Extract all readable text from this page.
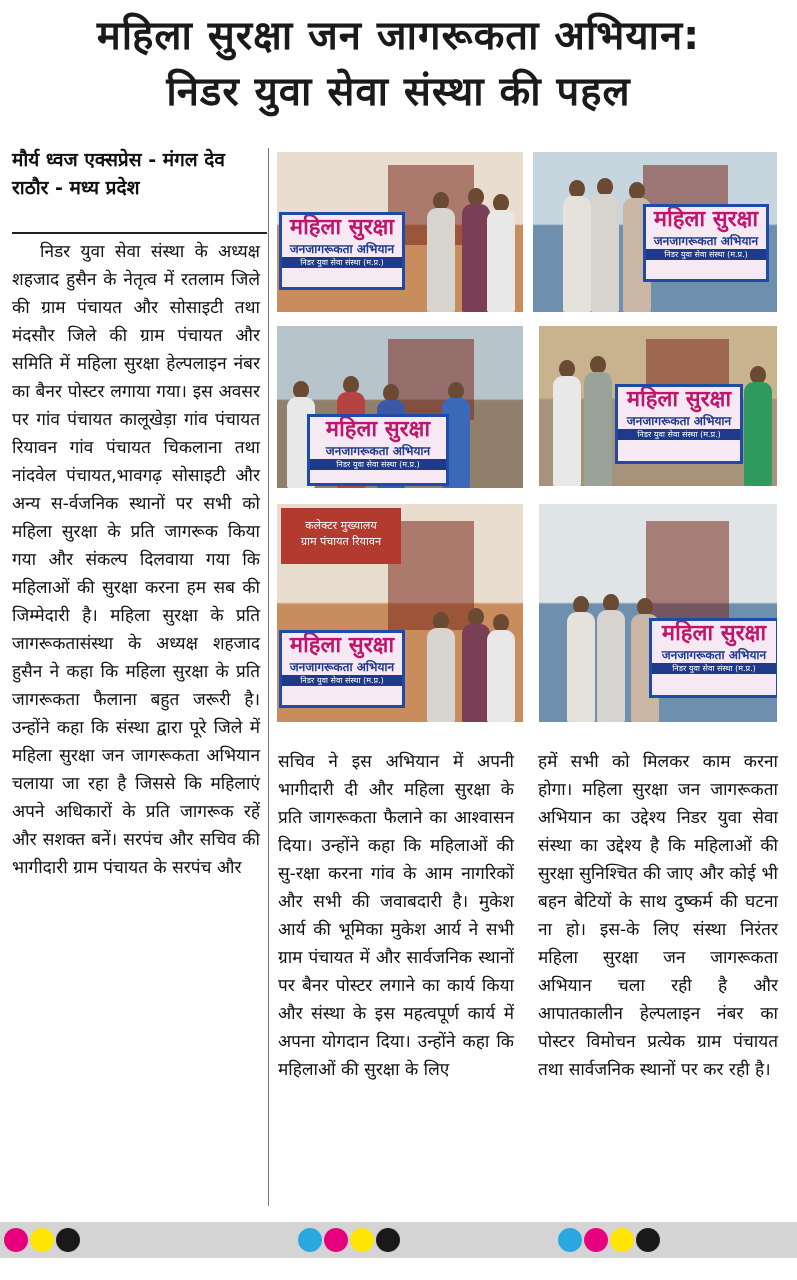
महिला सुरक्षा जन जागरूकता अभियान:
निडर युवा सेवा संस्था की पहल
मौर्य ध्वज एक्सप्रेस - मंगल देव राठौर - मध्य प्रदेश

निडर युवा सेवा संस्था के अध्यक्ष शहजाद हुसैन के नेतृत्व में रतलाम जिले की ग्राम पंचायत और सोसाइटी तथा मंदसौर जिले की ग्राम पंचायत और समिति में महिला सुरक्षा हेल्पलाइन नंबर का बैनर पोस्टर लगाया गया। इस अवसर पर गांव पंचायत कालूखेड़ा गांव पंचायत रियावन गांव पंचायत चिकलाना तथा नांदवेल पंचायत,भावगढ़ सोसाइटी और अन्य स-र्वजनिक स्थानों पर सभी को महिला सुरक्षा के प्रति जागरूक किया गया और संकल्प दिलवाया गया कि महिलाओं की सुरक्षा करना हम सब की जिम्मेदारी है। महिला सुरक्षा के प्रति जागरूकतासंस्था के अध्यक्ष शहजाद हुसैन ने कहा कि महिला सुरक्षा के प्रति जागरूकता फैलाना बहुत जरूरी है। उन्होंने कहा कि संस्था द्वारा पूरे जिले में महिला सुरक्षा जन जागरूकता अभियान चलाया जा रहा है जिससे कि महिलाएं अपने अधिकारों के प्रति जागरूक रहें और सशक्त बनें। सरपंच और सचिव की भागीदारी ग्राम पंचायत के सरपंच और

महिला सुरक्षा
जनजागरूकता अभियान
निडर युवा सेवा संस्था (म.प्र.)
महिला सुरक्षा
जनजागरूकता अभियान
निडर युवा सेवा संस्था (म.प्र.)
महिला सुरक्षा
जनजागरूकता अभियान
निडर युवा सेवा संस्था (म.प्र.)
महिला सुरक्षा
जनजागरूकता अभियान
निडर युवा सेवा संस्था (म.प्र.)
कलेक्टर मुख्यालय
ग्राम पंचायत रियावन
महिला सुरक्षा
जनजागरूकता अभियान
निडर युवा सेवा संस्था (म.प्र.)
महिला सुरक्षा
जनजागरूकता अभियान
निडर युवा सेवा संस्था (म.प्र.)

सचिव ने इस अभियान में अपनी भागीदारी दी और महिला सुरक्षा के प्रति जागरूकता फैलाने का आश्वासन दिया। उन्होंने कहा कि महिलाओं की सु-रक्षा करना गांव के आम नागरिकों और सभी की जवाबदारी है। मुकेश आर्य की भूमिका मुकेश आर्य ने सभी ग्राम पंचायत में और सार्वजनिक स्थानों पर बैनर पोस्टर लगाने का कार्य किया और संस्था के इस महत्वपूर्ण कार्य में अपना योगदान दिया। उन्होंने कहा कि महिलाओं की सुरक्षा के लिए

हमें सभी को मिलकर काम करना होगा। महिला सुरक्षा जन जागरूकता अभियान का उद्देश्य निडर युवा सेवा संस्था का उद्देश्य है कि महिलाओं की सुरक्षा सुनिश्चित की जाए और कोई भी बहन बेटियों के साथ दुष्कर्म की घटना ना हो। इस-के लिए संस्था निरंतर महिला सुरक्षा जन जागरूकता अभियान चला रही है और आपातकालीन हेल्पलाइन नंबर का पोस्टर विमोचन प्रत्येक ग्राम पंचायत तथा सार्वजनिक स्थानों पर कर रही है।
